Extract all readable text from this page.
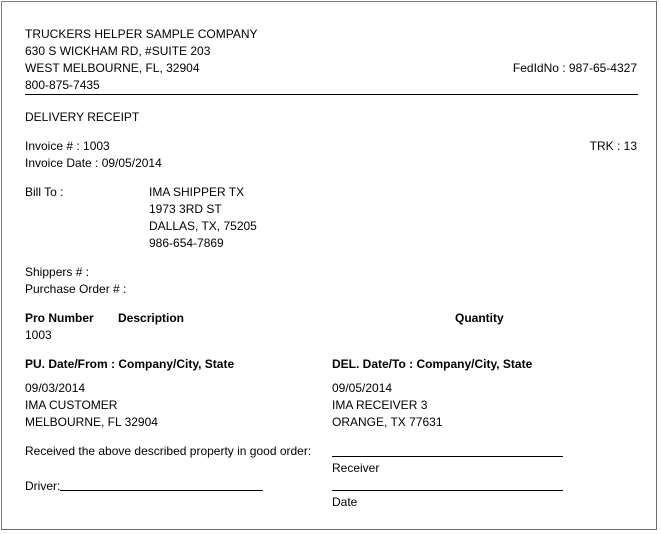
TRUCKERS HELPER SAMPLE COMPANY
630 S WICKHAM RD, #SUITE 203
WEST MELBOURNE, FL, 32904
800-875-7435
FedIdNo : 987-65-4327
DELIVERY RECEIPT
Invoice # : 1003
Invoice Date : 09/05/2014
TRK : 13
Bill To :	IMA SHIPPER TX
1973 3RD ST
DALLAS, TX, 75205
986-654-7869
Shippers # :
Purchase Order # :
Pro Number Description	Quantity
1003
PU. Date/From : Company/City, State
09/03/2014
IMA CUSTOMER
MELBOURNE, FL 32904
DEL. Date/To : Company/City, State
09/05/2014
IMA RECEIVER 3
ORANGE, TX 77631
Received the above described property in good order:
Receiver
Driver:
Date
